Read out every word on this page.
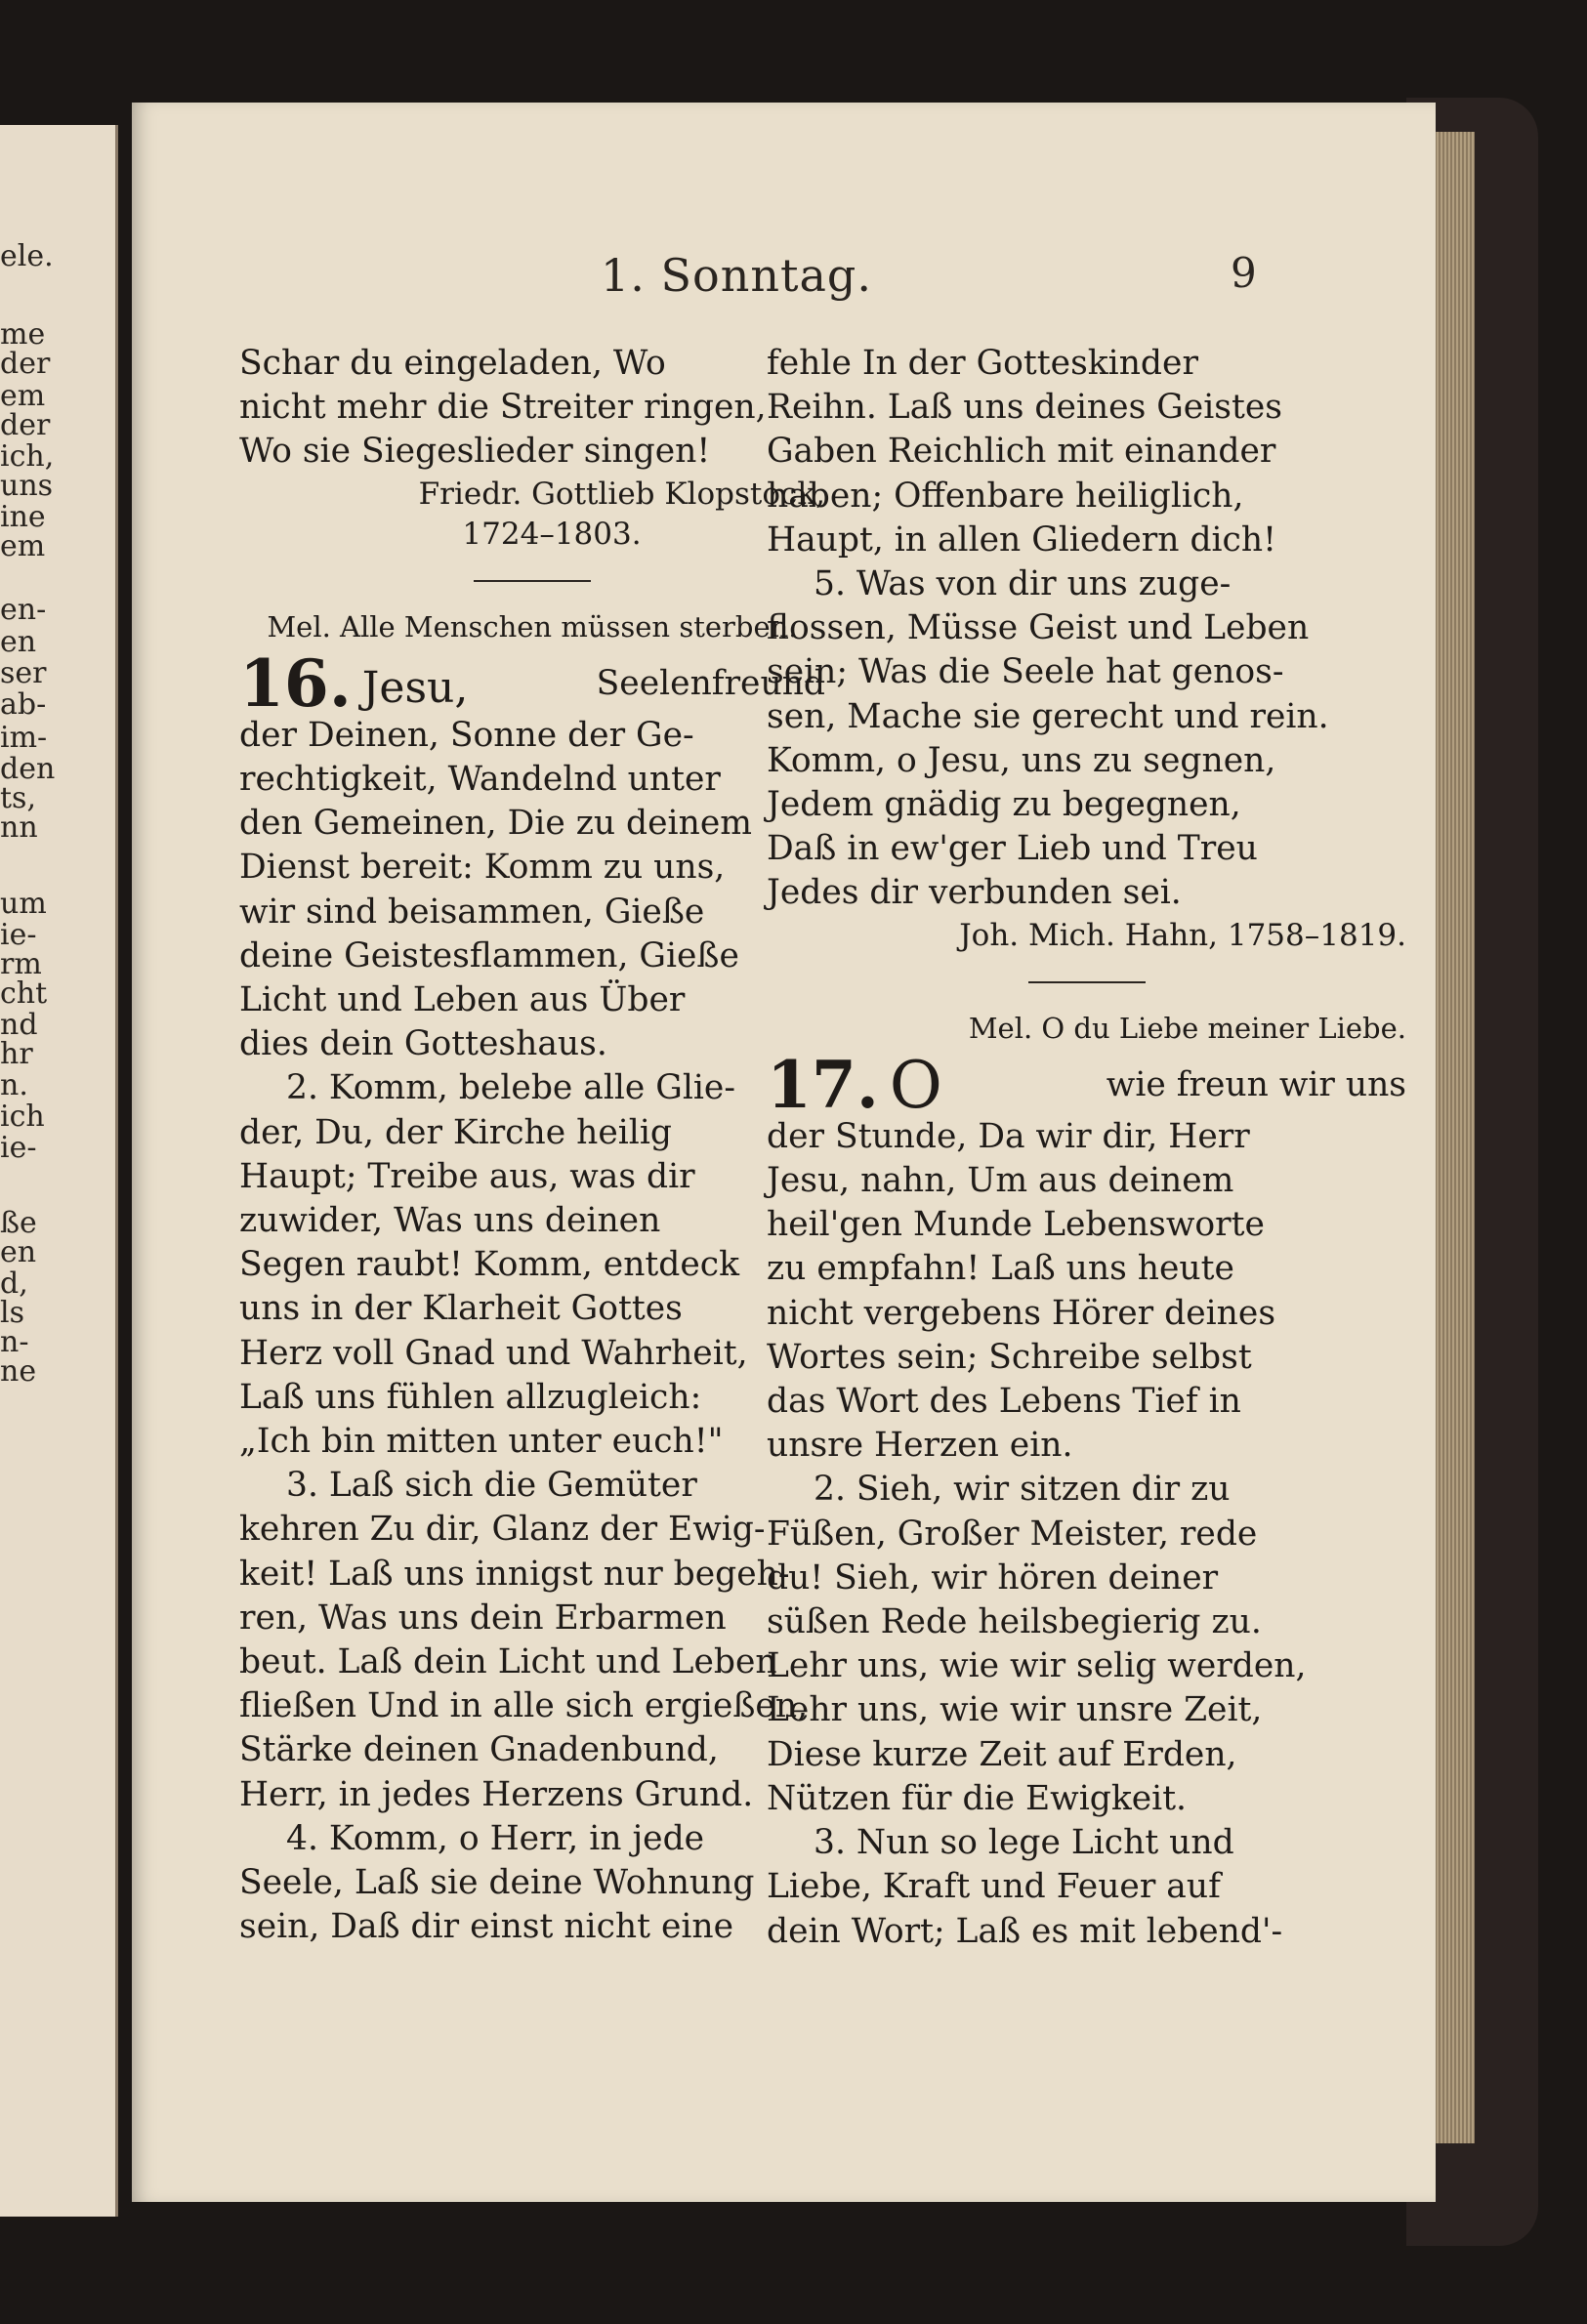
ele.
me
der
em
der
ich,
uns
ine
em
en-
en
ser
ab-
im-
den
ts,
nn
um
ie-
rm
cht
nd
hr
n.
ich
ie-
ße
en
d,
ls
n-
ne
1. Sonntag.	9

Schar du eingeladen, Wo

nicht mehr die Streiter ringen,

Wo sie Siegeslieder singen!

Friedr. Gottlieb Klopstock,

1724–1803.

Mel. Alle Menschen müssen sterben.

16. Jesu,	Seelenfreund

der Deinen, Sonne der Ge-

rechtigkeit, Wandelnd unter

den Gemeinen, Die zu deinem

Dienst bereit: Komm zu uns,

wir sind beisammen, Gieße

deine Geistesflammen, Gieße

Licht und Leben aus Über

dies dein Gotteshaus.

2. Komm, belebe alle Glie-

der, Du, der Kirche heilig

Haupt; Treibe aus, was dir

zuwider, Was uns deinen

Segen raubt! Komm, entdeck

uns in der Klarheit Gottes

Herz voll Gnad und Wahrheit,

Laß uns fühlen allzugleich:

„Ich bin mitten unter euch!"

3. Laß sich die Gemüter

kehren Zu dir, Glanz der Ewig-

keit! Laß uns innigst nur begeh-

ren, Was uns dein Erbarmen

beut. Laß dein Licht und Leben

fließen Und in alle sich ergießen,

Stärke deinen Gnadenbund,

Herr, in jedes Herzens Grund.

4. Komm, o Herr, in jede

Seele, Laß sie deine Wohnung

sein, Daß dir einst nicht eine

fehle In der Gotteskinder

Reihn. Laß uns deines Geistes

Gaben Reichlich mit einander

haben; Offenbare heiliglich,

Haupt, in allen Gliedern dich!

5. Was von dir uns zuge-

flossen, Müsse Geist und Leben

sein; Was die Seele hat genos-

sen, Mache sie gerecht und rein.

Komm, o Jesu, uns zu segnen,

Jedem gnädig zu begegnen,

Daß in ew'ger Lieb und Treu

Jedes dir verbunden sei.

Joh. Mich. Hahn, 1758–1819.

Mel. O du Liebe meiner Liebe.

17. O	wie freun wir uns

der Stunde, Da wir dir, Herr

Jesu, nahn, Um aus deinem

heil'gen Munde Lebensworte

zu empfahn! Laß uns heute

nicht vergebens Hörer deines

Wortes sein; Schreibe selbst

das Wort des Lebens Tief in

unsre Herzen ein.

2. Sieh, wir sitzen dir zu

Füßen, Großer Meister, rede

du! Sieh, wir hören deiner

süßen Rede heilsbegierig zu.

Lehr uns, wie wir selig werden,

Lehr uns, wie wir unsre Zeit,

Diese kurze Zeit auf Erden,

Nützen für die Ewigkeit.

3. Nun so lege Licht und

Liebe, Kraft und Feuer auf

dein Wort; Laß es mit lebend'-
